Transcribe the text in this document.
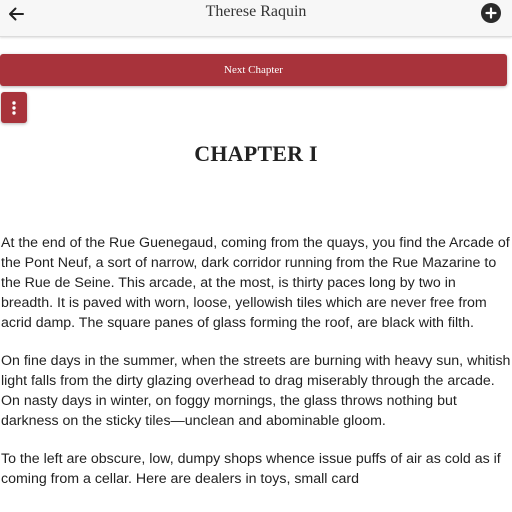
Therese Raquin
Next Chapter
CHAPTER I

At the end of the Rue Guenegaud, coming from the quays, you find the Arcade of the Pont Neuf, a sort of narrow, dark corridor running from the Rue Mazarine to the Rue de Seine. This arcade, at the most, is thirty paces long by two in breadth. It is paved with worn, loose, yellowish tiles which are never free from acrid damp. The square panes of glass forming the roof, are black with filth.

On fine days in the summer, when the streets are burning with heavy sun, whitish light falls from the dirty glazing overhead to drag miserably through the arcade. On nasty days in winter, on foggy mornings, the glass throws nothing but darkness on the sticky tiles—unclean and abominable gloom.

To the left are obscure, low, dumpy shops whence issue puffs of air as cold as if coming from a cellar. Here are dealers in toys, small card
